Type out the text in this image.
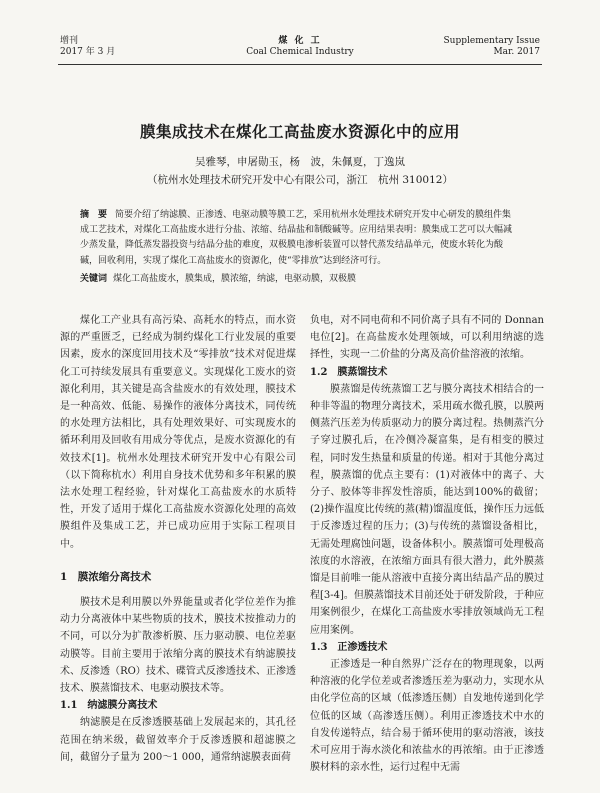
增刊
2017 年 3 月
煤 化 工
Coal Chemical Industry
Supplementary Issue
Mar. 2017
膜集成技术在煤化工高盐废水资源化中的应用
吴雅琴，申屠勋玉，杨　波，朱佩夏，丁逸岚
（杭州水处理技术研究开发中心有限公司，浙江　杭州 310012）
摘　要 简要介绍了纳滤膜、正渗透、电驱动膜等膜工艺，采用杭州水处理技术研究开发中心研发的膜组件集成工艺技术，对煤化工高盐废水进行分盐、浓缩、结晶盐和制酸碱等。应用结果表明：膜集成工艺可以大幅减少蒸发量，降低蒸发器投资与结晶分盐的难度，双极膜电渗析装置可以替代蒸发结晶单元，使废水转化为酸碱，回收利用，实现了煤化工高盐废水的资源化，使“零排放”达到经济可行。
关键词 煤化工高盐废水，膜集成，膜浓缩，纳滤，电驱动膜，双极膜

煤化工产业具有高污染、高耗水的特点，而水资源的严重匮乏，已经成为制约煤化工行业发展的重要因素，废水的深度回用技术及“零排放”技术对促进煤化工可持续发展具有重要意义。实现煤化工废水的资源化利用，其关键是高含盐废水的有效处理，膜技术是一种高效、低能、易操作的液体分离技术，同传统的水处理方法相比，具有处理效果好、可实现废水的循环利用及回收有用成分等优点，是废水资源化的有效技术[1]。杭州水处理技术研究开发中心有限公司（以下简称杭水）利用自身技术优势和多年积累的膜法水处理工程经验，针对煤化工高盐废水的水质特性，开发了适用于煤化工高盐废水资源化处理的高效膜组件及集成工艺，并已成功应用于实际工程项目中。

1　膜浓缩分离技术

膜技术是利用膜以外界能量或者化学位差作为推动力分离液体中某些物质的技术，膜技术按推动力的不同，可以分为扩散渗析膜、压力驱动膜、电位差驱动膜等。目前主要用于浓缩分离的膜技术有纳滤膜技术、反渗透（RO）技术、碟管式反渗透技术、正渗透技术、膜蒸馏技术、电驱动膜技术等。

1.1　纳滤膜分离技术

纳滤膜是在反渗透膜基础上发展起来的，其孔径范围在纳米级，截留效率介于反渗透膜和超滤膜之间，截留分子量为 200～1 000，通常纳滤膜表面荷

负电，对不同电荷和不同价离子具有不同的 Donnan 电位[2]。在高盐废水处理领域，可以利用纳滤的选择性，实现一二价盐的分离及高价盐溶液的浓缩。

1.2　膜蒸馏技术

膜蒸馏是传统蒸馏工艺与膜分离技术相结合的一种非等温的物理分离技术，采用疏水微孔膜，以膜两侧蒸汽压差为传质驱动力的膜分离过程。热侧蒸汽分子穿过膜孔后，在冷侧冷凝富集，是有相变的膜过程，同时发生热量和质量的传递。相对于其他分离过程，膜蒸馏的优点主要有：(1)对液体中的离子、大分子、胶体等非挥发性溶质，能达到100%的截留；(2)操作温度比传统的蒸(精)馏温度低，操作压力远低于反渗透过程的压力；(3)与传统的蒸馏设备相比，无需处理腐蚀问题，设备体积小。膜蒸馏可处理极高浓度的水溶液，在浓缩方面具有很大潜力，此外膜蒸馏是目前唯一能从溶液中直接分离出结晶产品的膜过程[3-4]。但膜蒸馏技术目前还处于研发阶段，于种应用案例很少，在煤化工高盐废水零排放领域尚无工程应用案例。

1.3　正渗透技术

正渗透是一种自然界广泛存在的物理现象，以两种溶液的化学位差或者渗透压差为驱动力，实现水从由化学位高的区域（低渗透压侧）自发地传递到化学位低的区域（高渗透压侧）。利用正渗透技术中水的自发传递特点，结合易于循环使用的驱动溶液，该技术可应用于海水淡化和浓盐水的再浓缩。由于正渗透膜材料的亲水性，运行过程中无需
